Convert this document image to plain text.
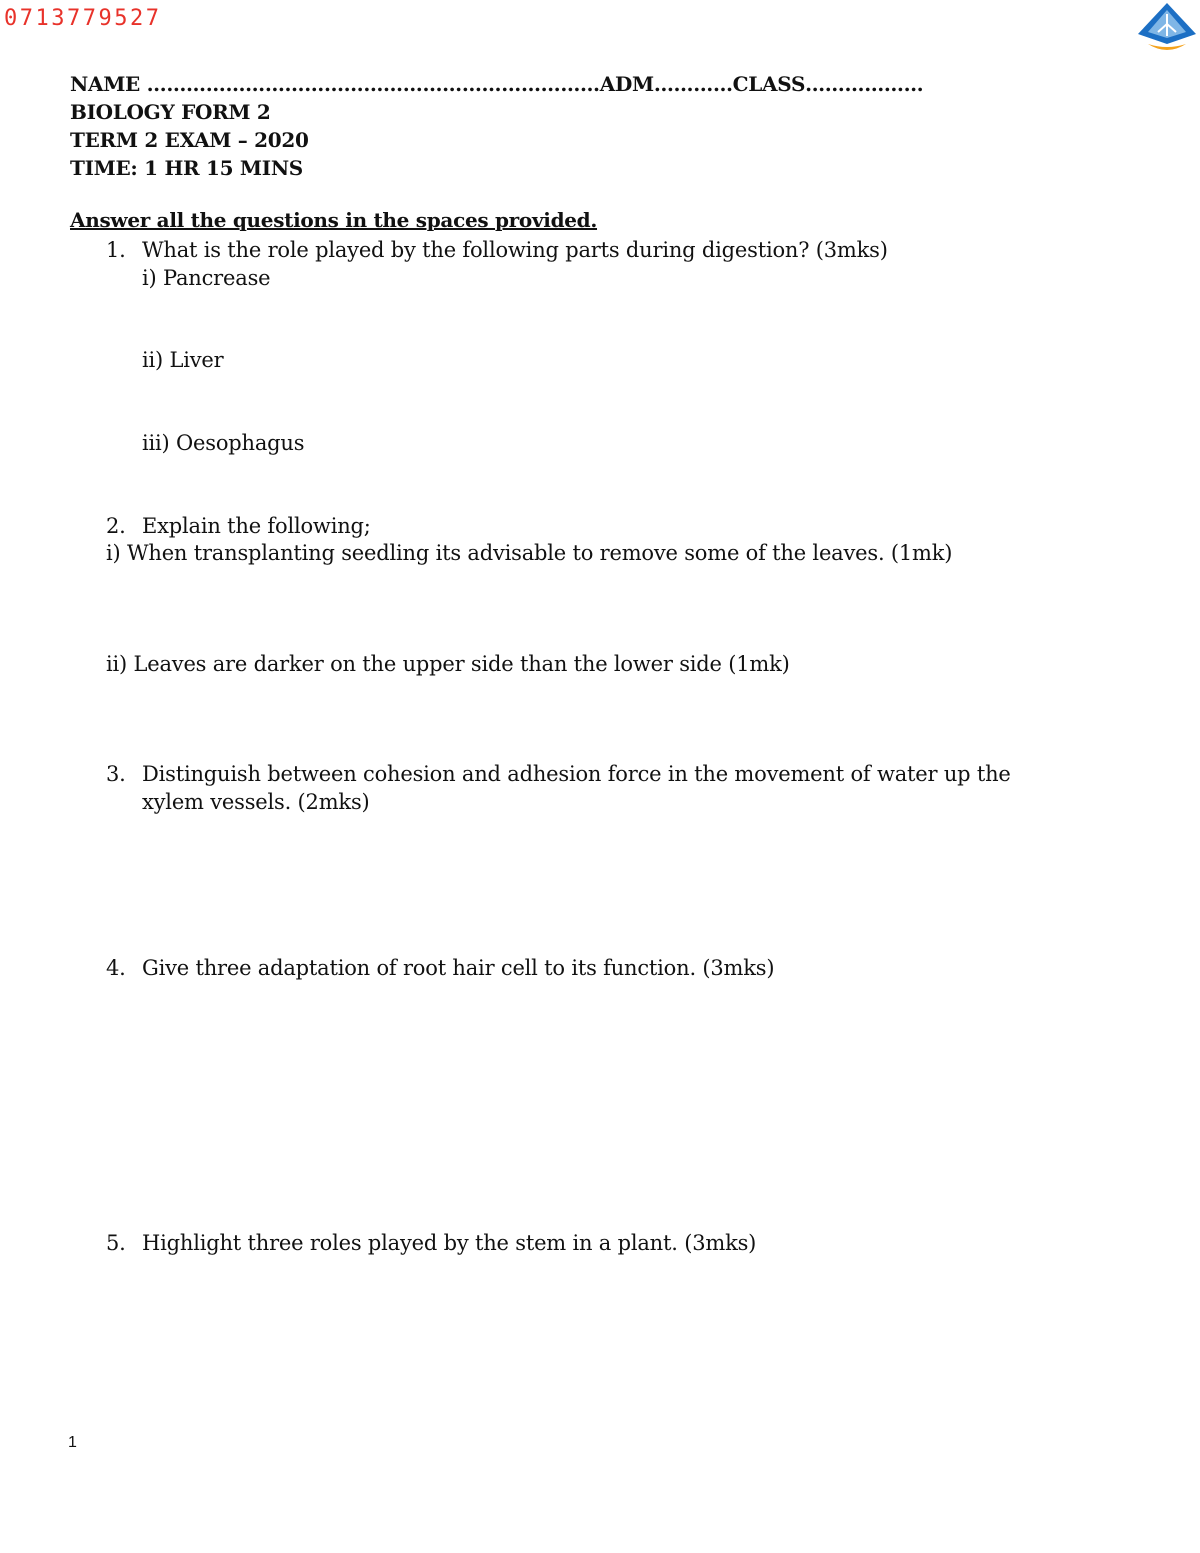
0713779527
NAME ……………………………………………………………ADM…………CLASS………………
BIOLOGY FORM 2
TERM 2 EXAM – 2020
TIME: 1 HR 15 MINS
Answer all the questions in the spaces provided.
1. What is the role played by the following parts during digestion? (3mks)
i) Pancrease
ii) Liver
iii) Oesophagus
2. Explain the following;
i) When transplanting seedling its advisable to remove some of the leaves. (1mk)
ii) Leaves are darker on the upper side than the lower side (1mk)
3. Distinguish between cohesion and adhesion force in the movement of water up the
xylem vessels. (2mks)
4. Give three adaptation of root hair cell to its function. (3mks)
5. Highlight three roles played by the stem in a plant. (3mks)
1
